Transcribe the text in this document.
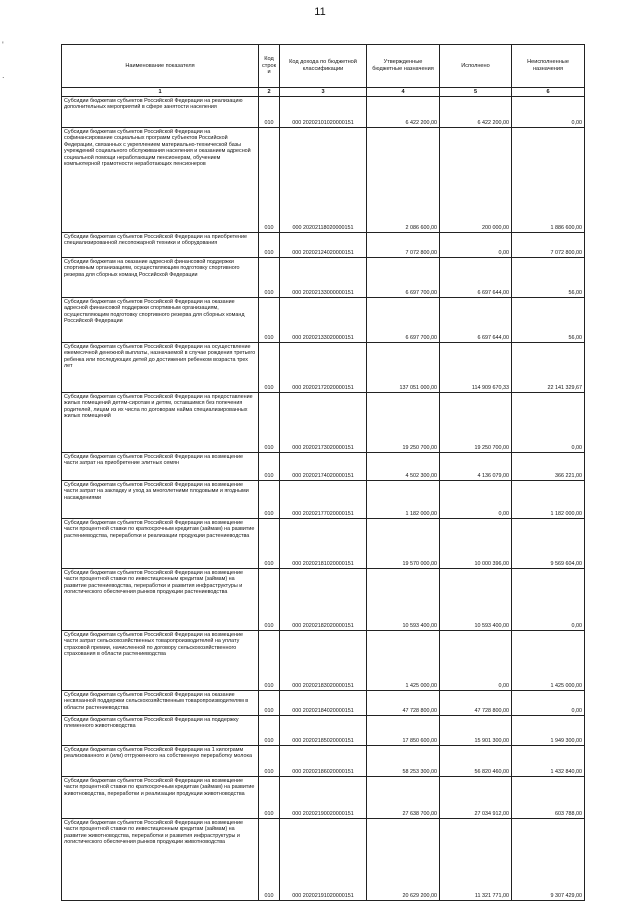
11
'

.
Наименование показателя	Код строк и	Код дохода по бюджетной классификации	Утвержденные бюджетные назначения	Исполнено	Неисполненные назначения
1	2	3	4	5	6
Субсидии бюджетам субъектов Российской Федерации на реализацию дополнительных мероприятий в сфере занятости населения	010	000 20202101020000151	6 422 200,00	6 422 200,00	0,00
Субсидии бюджетам субъектов Российской Федерации на софинансирование социальных программ субъектов Российской Федерации, связанных с укреплением материально-технической базы учреждений социального обслуживания населения и оказанием адресной социальной помощи неработающим пенсионерам, обучением компьютерной грамотности неработающих пенсионеров	010	000 20202118020000151	2 086 600,00	200 000,00	1 886 600,00
Субсидии бюджетам субъектов Российской Федерации на приобретение специализированной лесопожарной техники и оборудования	010	000 20202124020000151	7 072 800,00	0,00	7 072 800,00
Субсидии бюджетам на оказание адресной финансовой поддержки спортивным организациям, осуществляющим подготовку спортивного резерва для сборных команд Российской Федерации	010	000 20202133000000151	6 697 700,00	6 697 644,00	56,00
Субсидии бюджетам субъектов Российской Федерации на оказание адресной финансовой поддержки спортивным организациям, осуществляющим подготовку спортивного резерва для сборных команд Российской Федерации	010	000 20202133020000151	6 697 700,00	6 697 644,00	56,00
Субсидии бюджетам субъектов Российской Федерации на осуществление ежемесячной денежной выплаты, назначаемой в случае рождения третьего ребенка или последующих детей до достижения ребенком возраста трех лет	010	000 20202172020000151	137 051 000,00	114 909 670,33	22 141 329,67
Субсидии бюджетам субъектов Российской Федерации на предоставление жилых помещений детям-сиротам и детям, оставшимся без попечения родителей, лицам из их числа по договорам найма специализированных жилых помещений	010	000 20202173020000151	19 250 700,00	19 250 700,00	0,00
Субсидии бюджетам субъектов Российской Федерации на возмещение части затрат на приобретение элитных семян	010	000 20202174020000151	4 502 300,00	4 136 079,00	366 221,00
Субсидии бюджетам субъектов Российской Федерации на возмещение части затрат на закладку и уход за многолетними плодовыми и ягодными насаждениями	010	000 20202177020000151	1 182 000,00	0,00	1 182 000,00
Субсидии бюджетам субъектов Российской Федерации на возмещение части процентной ставки по краткосрочным кредитам (займам) на развитие растениеводства, переработки и реализации продукции растениеводства	010	000 20202181020000151	19 570 000,00	10 000 396,00	9 569 604,00
Субсидии бюджетам субъектов Российской Федерации на возмещение части процентной ставки по инвестиционным кредитам (займам) на развитие растениеводства, переработки и развития инфраструктуры и логистического обеспечения рынков продукции растениеводства	010	000 20202182020000151	10 593 400,00	10 593 400,00	0,00
Субсидии бюджетам субъектов Российской Федерации на возмещение части затрат сельскохозяйственных товаропроизводителей на уплату страховой премии, начисленной по договору сельскохозяйственного страхования в области растениеводства	010	000 20202183020000151	1 425 000,00	0,00	1 425 000,00
Субсидии бюджетам субъектов Российской Федерации на оказание несвязанной поддержки сельскохозяйственным товаропроизводителям в области растениеводства	010	000 20202184020000151	47 728 800,00	47 728 800,00	0,00
Субсидии бюджетам субъектов Российской Федерации на поддержку племенного животноводства	010	000 20202185020000151	17 850 600,00	15 901 300,00	1 949 300,00
Субсидии бюджетам субъектов Российской Федерации на 1 килограмм реализованного и (или) отгруженного на собственную переработку молока	010	000 20202186020000151	58 253 300,00	56 820 460,00	1 432 840,00
Субсидии бюджетам субъектов Российской Федерации на возмещение части процентной ставки по краткосрочным кредитам (займам) на развитие животноводства, переработки и реализации продукции животноводства	010	000 20202190020000151	27 638 700,00	27 034 912,00	603 788,00
Субсидии бюджетам субъектов Российской Федерации на возмещение части процентной ставки по инвестиционным кредитам (займам) на развитие животноводства, переработки и развития инфраструктуры и логистического обеспечения рынков продукции животноводства	010	000 20202191020000151	20 629 200,00	11 321 771,00	9 307 429,00
